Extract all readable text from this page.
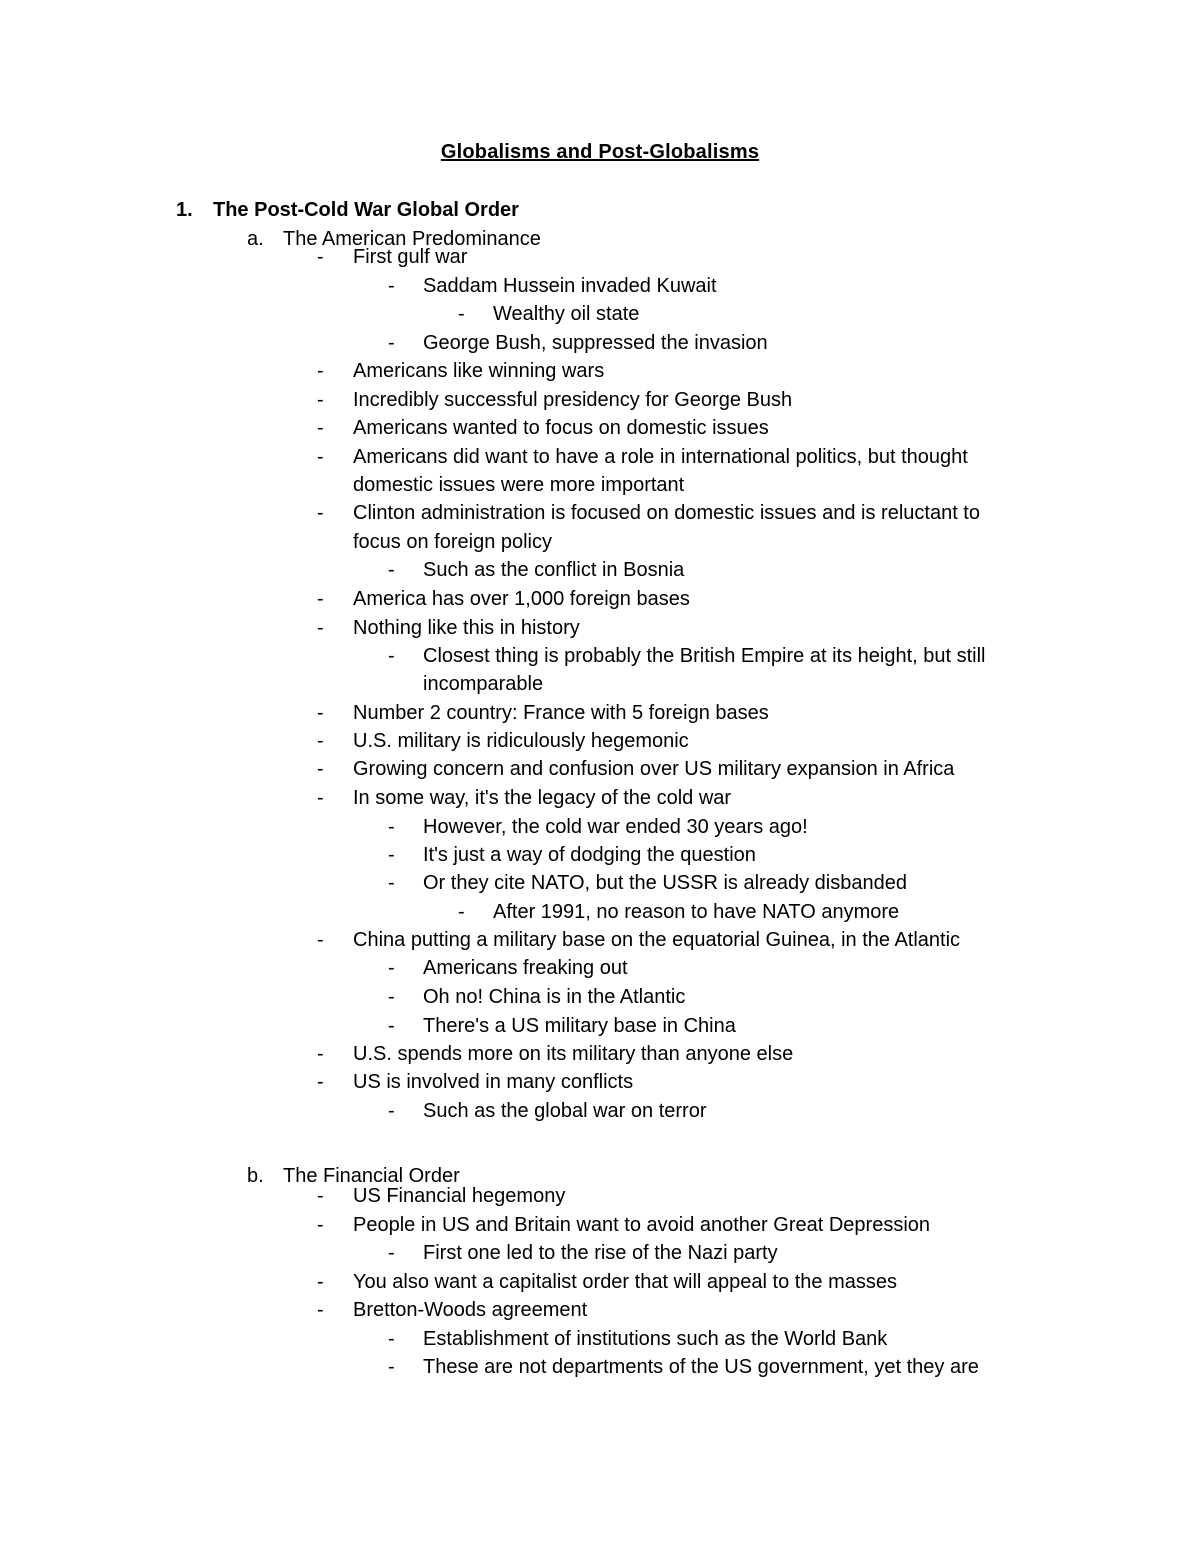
Globalisms and Post-Globalisms
1. The Post-Cold War Global Order
a. The American Predominance
b. The Financial Order
- First gulf war
- Saddam Hussein invaded Kuwait
- Wealthy oil state
- George Bush, suppressed the invasion
- Americans like winning wars
- Incredibly successful presidency for George Bush
- Americans wanted to focus on domestic issues
- Americans did want to have a role in international politics, but thought
domestic issues were more important
- Clinton administration is focused on domestic issues and is reluctant to
focus on foreign policy
- Such as the conflict in Bosnia
- America has over 1,000 foreign bases
- Nothing like this in history
- Closest thing is probably the British Empire at its height, but still
incomparable
- Number 2 country: France with 5 foreign bases
- U.S. military is ridiculously hegemonic
- Growing concern and confusion over US military expansion in Africa
- In some way, it's the legacy of the cold war
- However, the cold war ended 30 years ago!
- It's just a way of dodging the question
- Or they cite NATO, but the USSR is already disbanded
- After 1991, no reason to have NATO anymore
- China putting a military base on the equatorial Guinea, in the Atlantic
- Americans freaking out
- Oh no! China is in the Atlantic
- There's a US military base in China
- U.S. spends more on its military than anyone else
- US is involved in many conflicts
- Such as the global war on terror
- US Financial hegemony
- People in US and Britain want to avoid another Great Depression
- First one led to the rise of the Nazi party
- You also want a capitalist order that will appeal to the masses
- Bretton-Woods agreement
- Establishment of institutions such as the World Bank
- These are not departments of the US government, yet they are
